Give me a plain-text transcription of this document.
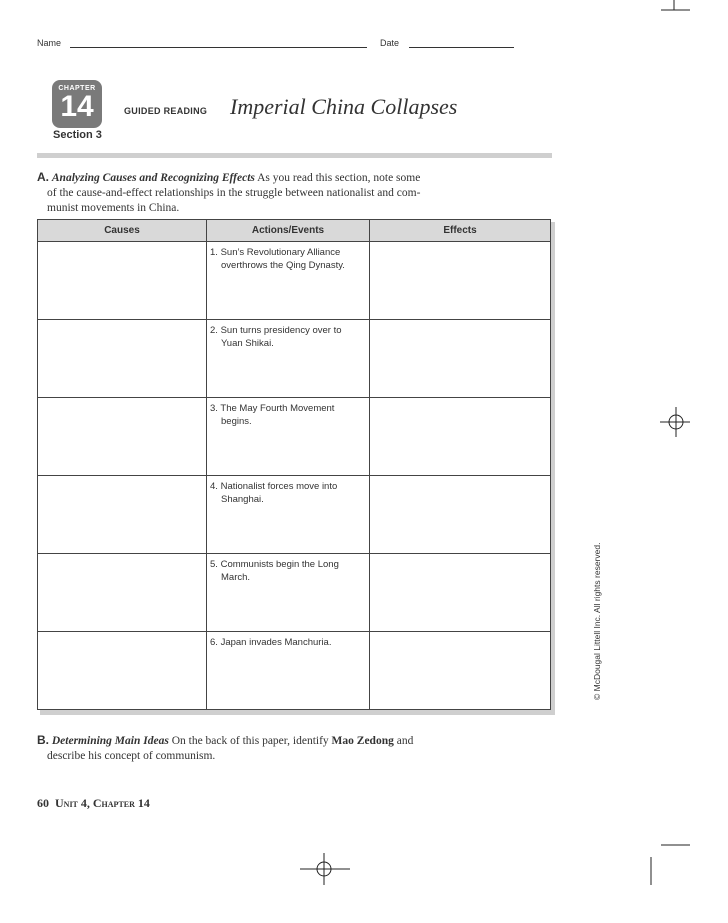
Name	Date
CHAPTER
14
Section 3
GUIDED READING Imperial China Collapses
A. Analyzing Causes and Recognizing Effects As you read this section, note some
of the cause-and-effect relationships in the struggle between nationalist and com-
munist movements in China.
Causes	Actions/Events	Effects

	1. Sun’s Revolutionary Alliance
overthrows the Qing Dynasty.	

	2. Sun turns presidency over to
Yuan Shikai.	

	3. The May Fourth Movement
begins.	

	4. Nationalist forces move into
Shanghai.	

	5. Communists begin the Long
March.	

	6. Japan invades Manchuria.	

B. Determining Main Ideas On the back of this paper, identify Mao Zedong and
describe his concept of communism.
60 Unit 4, Chapter 14
© McDougal Littell Inc. All rights reserved.
